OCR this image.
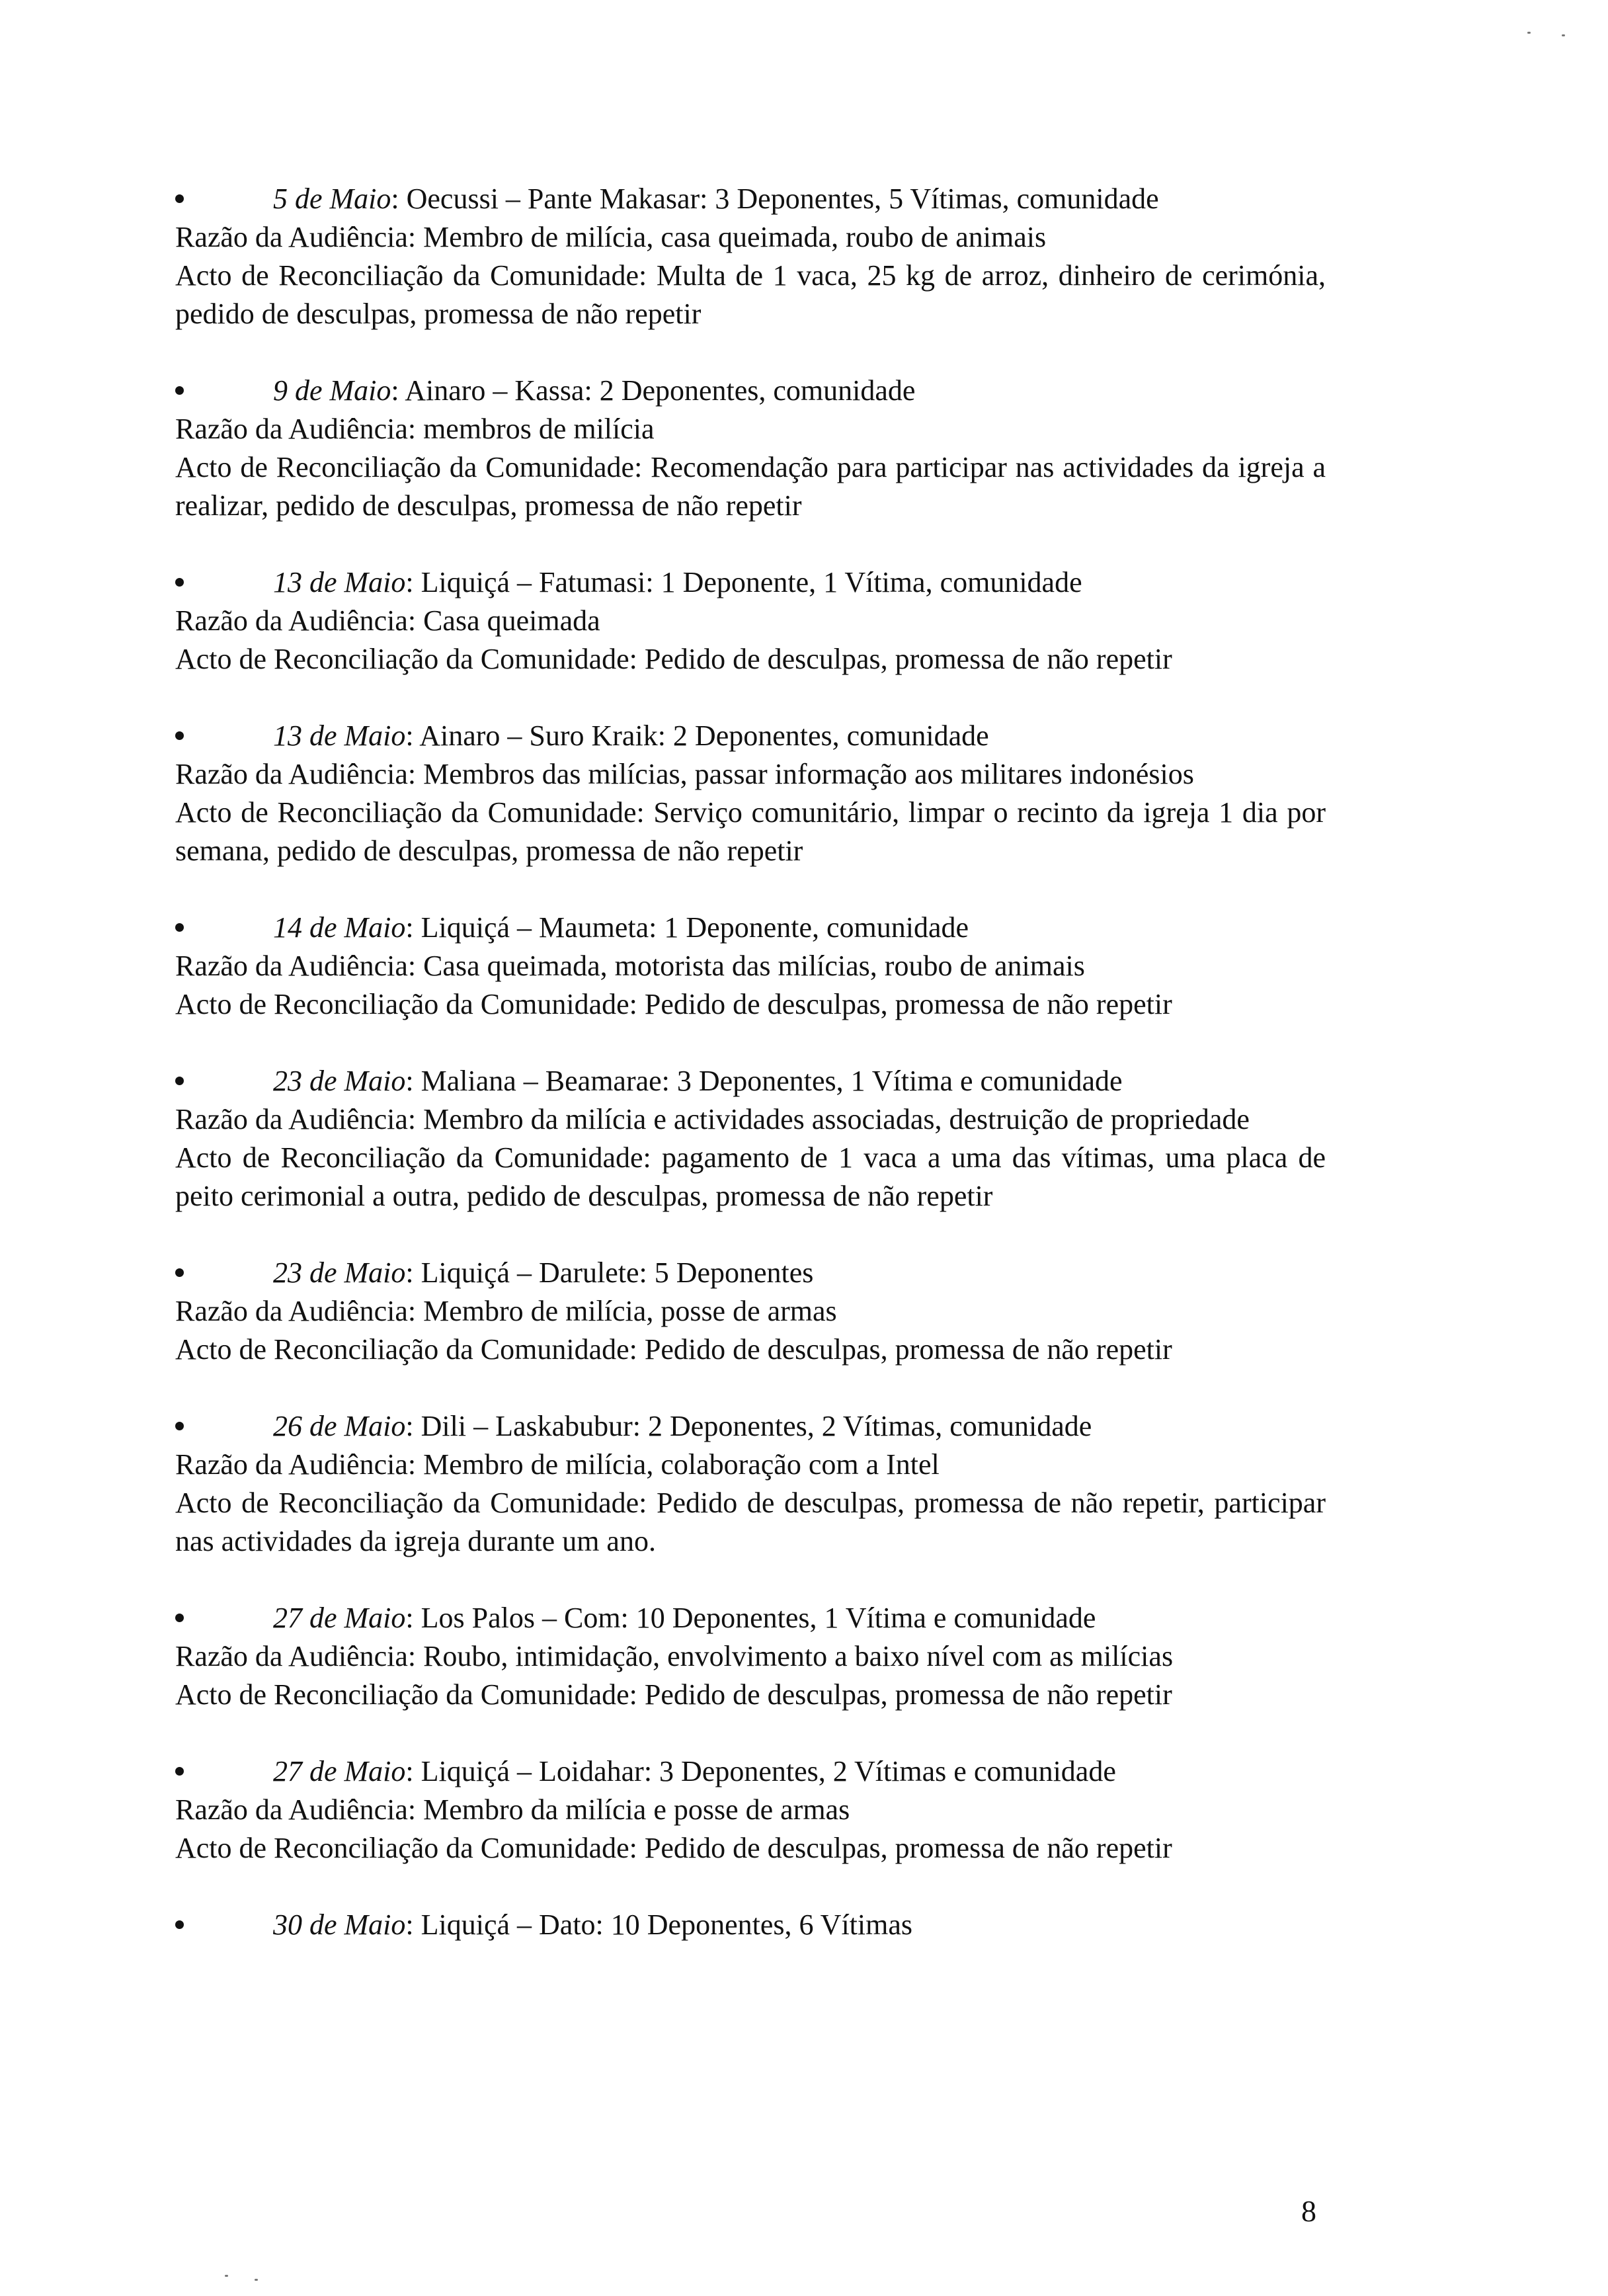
5 de Maio: Oecussi – Pante Makasar: 3 Deponentes, 5 Vítimas, comunidade
Razão da Audiência: Membro de milícia, casa queimada, roubo de animais
Acto de Reconciliação da Comunidade: Multa de 1 vaca, 25 kg de arroz, dinheiro de cerimónia, pedido de desculpas, promessa de não repetir
9 de Maio: Ainaro – Kassa: 2 Deponentes, comunidade
Razão da Audiência: membros de milícia
Acto de Reconciliação da Comunidade: Recomendação para participar nas actividades da igreja a realizar, pedido de desculpas, promessa de não repetir
13 de Maio: Liquiçá – Fatumasi: 1 Deponente, 1 Vítima, comunidade
Razão da Audiência: Casa queimada
Acto de Reconciliação da Comunidade: Pedido de desculpas, promessa de não repetir
13 de Maio: Ainaro – Suro Kraik: 2 Deponentes, comunidade
Razão da Audiência: Membros das milícias, passar informação aos militares indonésios
Acto de Reconciliação da Comunidade: Serviço comunitário, limpar o recinto da igreja 1 dia por semana, pedido de desculpas, promessa de não repetir
14 de Maio: Liquiçá – Maumeta: 1 Deponente, comunidade
Razão da Audiência: Casa queimada, motorista das milícias, roubo de animais
Acto de Reconciliação da Comunidade: Pedido de desculpas, promessa de não repetir
23 de Maio: Maliana – Beamarae: 3 Deponentes, 1 Vítima e comunidade
Razão da Audiência: Membro da milícia e actividades associadas, destruição de propriedade
Acto de Reconciliação da Comunidade: pagamento de 1 vaca a uma das vítimas, uma placa de peito cerimonial a outra, pedido de desculpas, promessa de não repetir
23 de Maio: Liquiçá – Darulete: 5 Deponentes
Razão da Audiência: Membro de milícia, posse de armas
Acto de Reconciliação da Comunidade: Pedido de desculpas, promessa de não repetir
26 de Maio: Dili – Laskabubur: 2 Deponentes, 2 Vítimas, comunidade
Razão da Audiência: Membro de milícia, colaboração com a Intel
Acto de Reconciliação da Comunidade: Pedido de desculpas, promessa de não repetir, participar nas actividades da igreja durante um ano.
27 de Maio: Los Palos – Com: 10 Deponentes, 1 Vítima e comunidade
Razão da Audiência: Roubo, intimidação, envolvimento a baixo nível com as milícias
Acto de Reconciliação da Comunidade: Pedido de desculpas, promessa de não repetir
27 de Maio: Liquiçá – Loidahar: 3 Deponentes, 2 Vítimas e comunidade
Razão da Audiência: Membro da milícia e posse de armas
Acto de Reconciliação da Comunidade: Pedido de desculpas, promessa de não repetir
30 de Maio: Liquiçá – Dato: 10 Deponentes, 6 Vítimas
8
